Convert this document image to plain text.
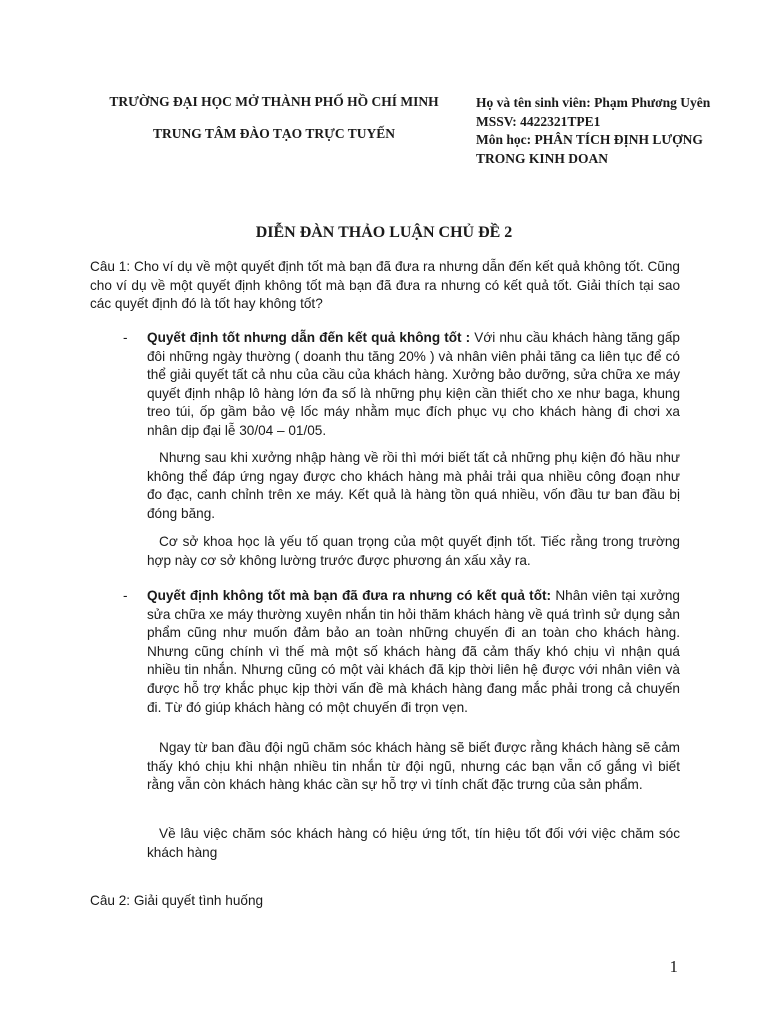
TRƯỜNG ĐẠI HỌC MỞ THÀNH PHỐ HỒ CHÍ MINH
TRUNG TÂM ĐÀO TẠO TRỰC TUYẾN
Họ và tên sinh viên: Phạm Phương Uyên
MSSV: 4422321TPE1
Môn học: PHÂN TÍCH ĐỊNH LƯỢNG TRONG KINH DOAN
DIỄN ĐÀN THẢO LUẬN CHỦ ĐỀ 2
Câu 1: Cho ví dụ về một quyết định tốt mà bạn đã đưa ra nhưng dẫn đến kết quả không tốt. Cũng cho ví dụ về một quyết định không tốt mà bạn đã đưa ra nhưng có kết quả tốt. Giải thích tại sao các quyết định đó là tốt hay không tốt?
- Quyết định tốt nhưng dẫn đến kết quả không tốt : Với nhu cầu khách hàng tăng gấp đôi những ngày thường ( doanh thu tăng 20% ) và nhân viên phải tăng ca liên tục để có thể giải quyết tất cả nhu của cầu của khách hàng. Xưởng bảo dưỡng, sửa chữa xe máy quyết định nhập lô hàng lớn đa số là những phụ kiện cần thiết cho xe như baga, khung treo túi, ốp gầm bảo vệ lốc máy nhằm mục đích phục vụ cho khách hàng đi chơi xa nhân dịp đại lễ 30/04 – 01/05.
Nhưng sau khi xưởng nhập hàng về rồi thì mới biết tất cả những phụ kiện đó hầu như không thể đáp ứng ngay được cho khách hàng mà phải trải qua nhiều công đoạn như đo đạc, canh chỉnh trên xe máy. Kết quả là hàng tồn quá nhiều, vốn đầu tư ban đầu bị đóng băng.
Cơ sở khoa học là yếu tố quan trọng của một quyết định tốt. Tiếc rằng trong trường hợp này cơ sở không lường trước được phương án xấu xảy ra.
- Quyết định không tốt mà bạn đã đưa ra nhưng có kết quả tốt: Nhân viên tại xưởng sửa chữa xe máy thường xuyên nhắn tin hỏi thăm khách hàng về quá trình sử dụng sản phẩm cũng như muốn đảm bảo an toàn những chuyến đi an toàn cho khách hàng. Nhưng cũng chính vì thế mà một số khách hàng đã cảm thấy khó chịu vì nhận quá nhiều tin nhắn. Nhưng cũng có một vài khách đã kịp thời liên hệ được với nhân viên và được hỗ trợ khắc phục kịp thời vấn đề mà khách hàng đang mắc phải trong cả chuyến đi. Từ đó giúp khách hàng có một chuyến đi trọn vẹn.
Ngay từ ban đầu đội ngũ chăm sóc khách hàng sẽ biết được rằng khách hàng sẽ cảm thấy khó chịu khi nhận nhiều tin nhắn từ đội ngũ, nhưng các bạn vẫn cố gắng vì biết rằng vẫn còn khách hàng khác cần sự hỗ trợ vì tính chất đặc trưng của sản phẩm.
Về lâu việc chăm sóc khách hàng có hiệu ứng tốt, tín hiệu tốt đối với việc chăm sóc khách hàng
Câu 2: Giải quyết tình huống
1
